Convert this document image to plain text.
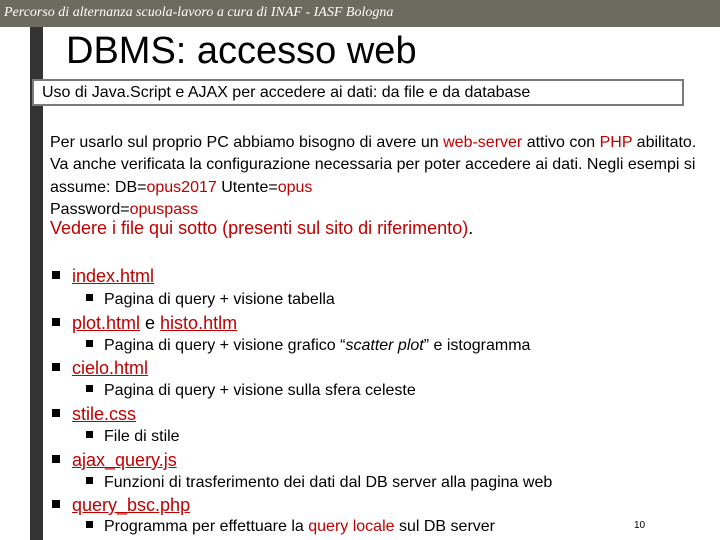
Percorso di alternanza scuola-lavoro a cura di INAF - IASF Bologna
DBMS: accesso web
Uso di Java.Script e AJAX per accedere ai dati: da file e da database
Per usarlo sul proprio PC abbiamo bisogno di avere un web-server attivo con PHP abilitato. Va anche verificata la configurazione necessaria per poter accedere ai dati. Negli esempi si assume: DB=opus2017 Utente=opus
Password=opuspass
Vedere i file qui sotto (presenti sul sito di riferimento).
index.html
Pagina di query + visione tabella
plot.html e histo.htlm
Pagina di query + visione grafico “scatter plot” e istogramma
cielo.html
Pagina di query + visione sulla sfera celeste
stile.css
File di stile
ajax_query.js
Funzioni di trasferimento dei dati dal DB server alla pagina web
query_bsc.php
Programma per effettuare la query locale sul DB server	10
